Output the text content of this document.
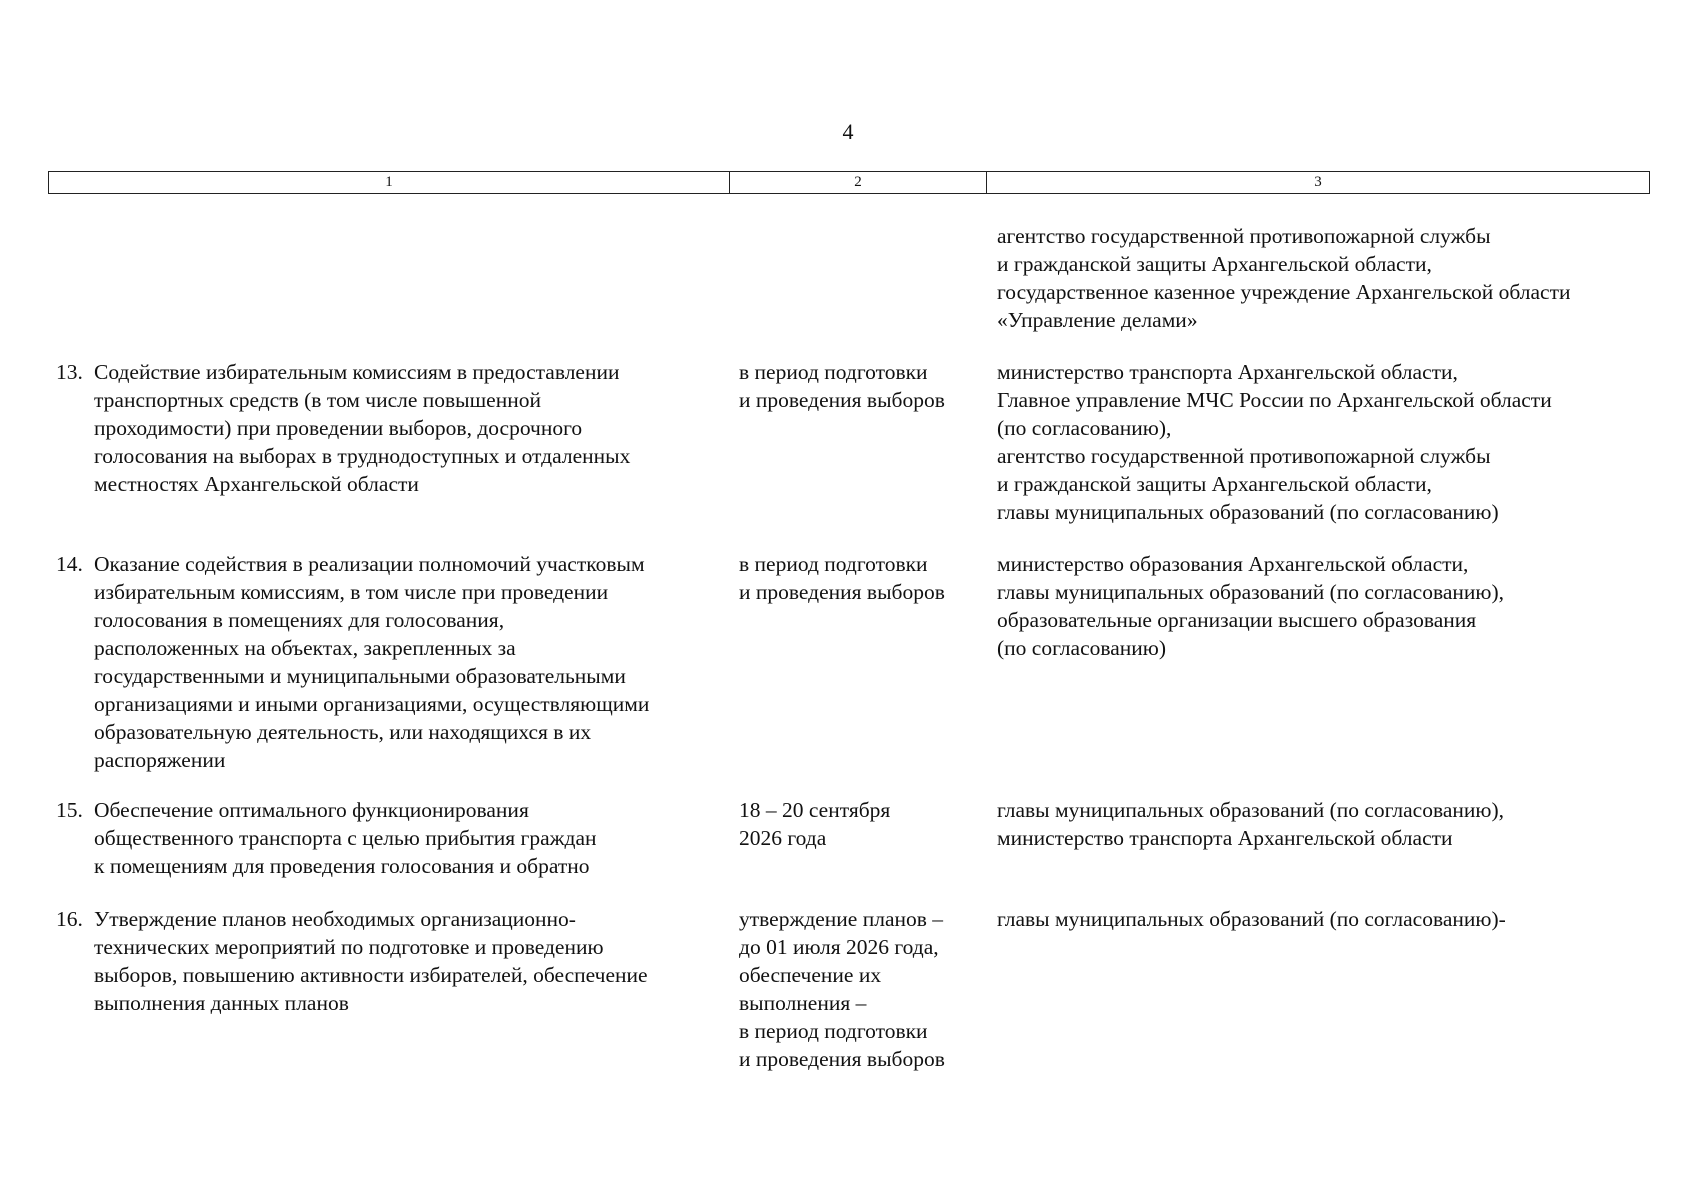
4
1	2	3
агентство государственной противопожарной службы
и гражданской защиты Архангельской области,
государственное казенное учреждение Архангельской области
«Управление делами»
13. Содействие избирательным комиссиям в предоставлении
транспортных средств (в том числе повышенной
проходимости) при проведении выборов, досрочного
голосования на выборах в труднодоступных и отдаленных
местностях Архангельской области
в период подготовки
и проведения выборов
министерство транспорта Архангельской области,
Главное управление МЧС России по Архангельской области
(по согласованию),
агентство государственной противопожарной службы
и гражданской защиты Архангельской области,
главы муниципальных образований (по согласованию)
14. Оказание содействия в реализации полномочий участковым
избирательным комиссиям, в том числе при проведении
голосования в помещениях для голосования,
расположенных на объектах, закрепленных за
государственными и муниципальными образовательными
организациями и иными организациями, осуществляющими
образовательную деятельность, или находящихся в их
распоряжении
в период подготовки
и проведения выборов
министерство образования Архангельской области,
главы муниципальных образований (по согласованию),
образовательные организации высшего образования
(по согласованию)
15. Обеспечение оптимального функционирования
общественного транспорта с целью прибытия граждан
к помещениям для проведения голосования и обратно
18 – 20 сентября
2026 года
главы муниципальных образований (по согласованию),
министерство транспорта Архангельской области
16. Утверждение планов необходимых организационно-
технических мероприятий по подготовке и проведению
выборов, повышению активности избирателей, обеспечение
выполнения данных планов
утверждение планов –
до 01 июля 2026 года,
обеспечение их
выполнения –
в период подготовки
и проведения выборов
главы муниципальных образований (по согласованию)-
